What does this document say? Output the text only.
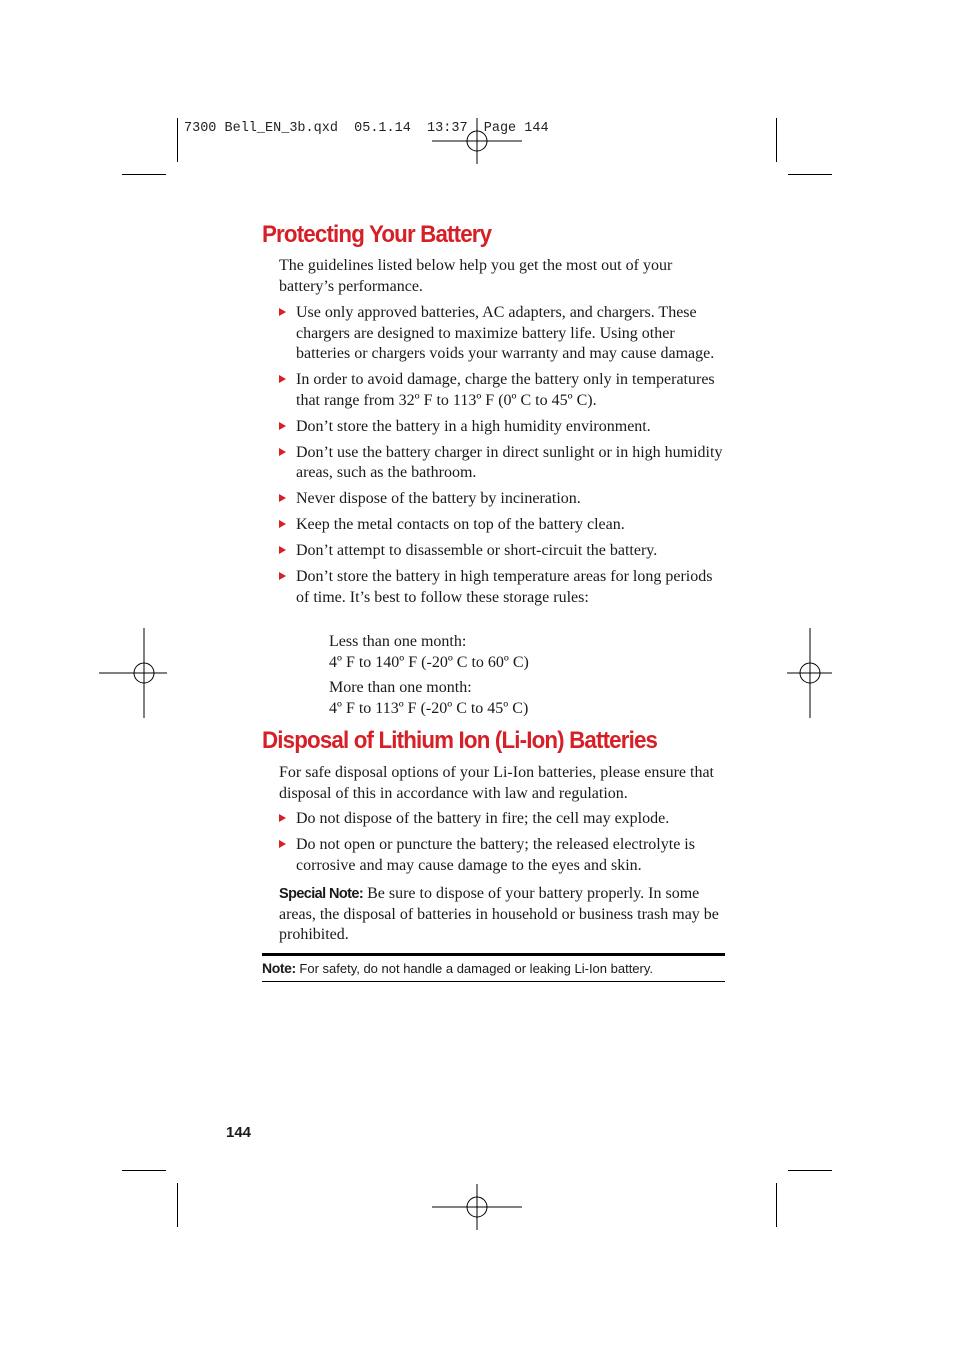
7300 Bell_EN_3b.qxd  05.1.14  13:37  Page 144
Protecting Your Battery

The guidelines listed below help you get the most out of your battery’s performance.

Use only approved batteries, AC adapters, and chargers. These chargers are designed to maximize battery life. Using other batteries or chargers voids your warranty and may cause damage.
In order to avoid damage, charge the battery only in temperatures that range from 32º F to 113º F (0º C to 45º C).
Don’t store the battery in a high humidity environment.
Don’t use the battery charger in direct sunlight or in high humidity areas, such as the bathroom.
Never dispose of the battery by incineration.
Keep the metal contacts on top of the battery clean.
Don’t attempt to disassemble or short-circuit the battery.
Don’t store the battery in high temperature areas for long periods of time. It’s best to follow these storage rules:
Less than one month:
4º F to 140º F (-20º C to 60º C)
More than one month:
4º F to 113º F (-20º C to 45º C)
Disposal of Lithium Ion (Li-Ion) Batteries

For safe disposal options of your Li-Ion batteries, please ensure that disposal of this in accordance with law and regulation.

Do not dispose of the battery in fire; the cell may explode.
Do not open or puncture the battery; the released electrolyte is corrosive and may cause damage to the eyes and skin.

Special Note: Be sure to dispose of your battery properly. In some areas, the disposal of batteries in household or business trash may be prohibited.

Note: For safety, do not handle a damaged or leaking Li-Ion battery.
144
